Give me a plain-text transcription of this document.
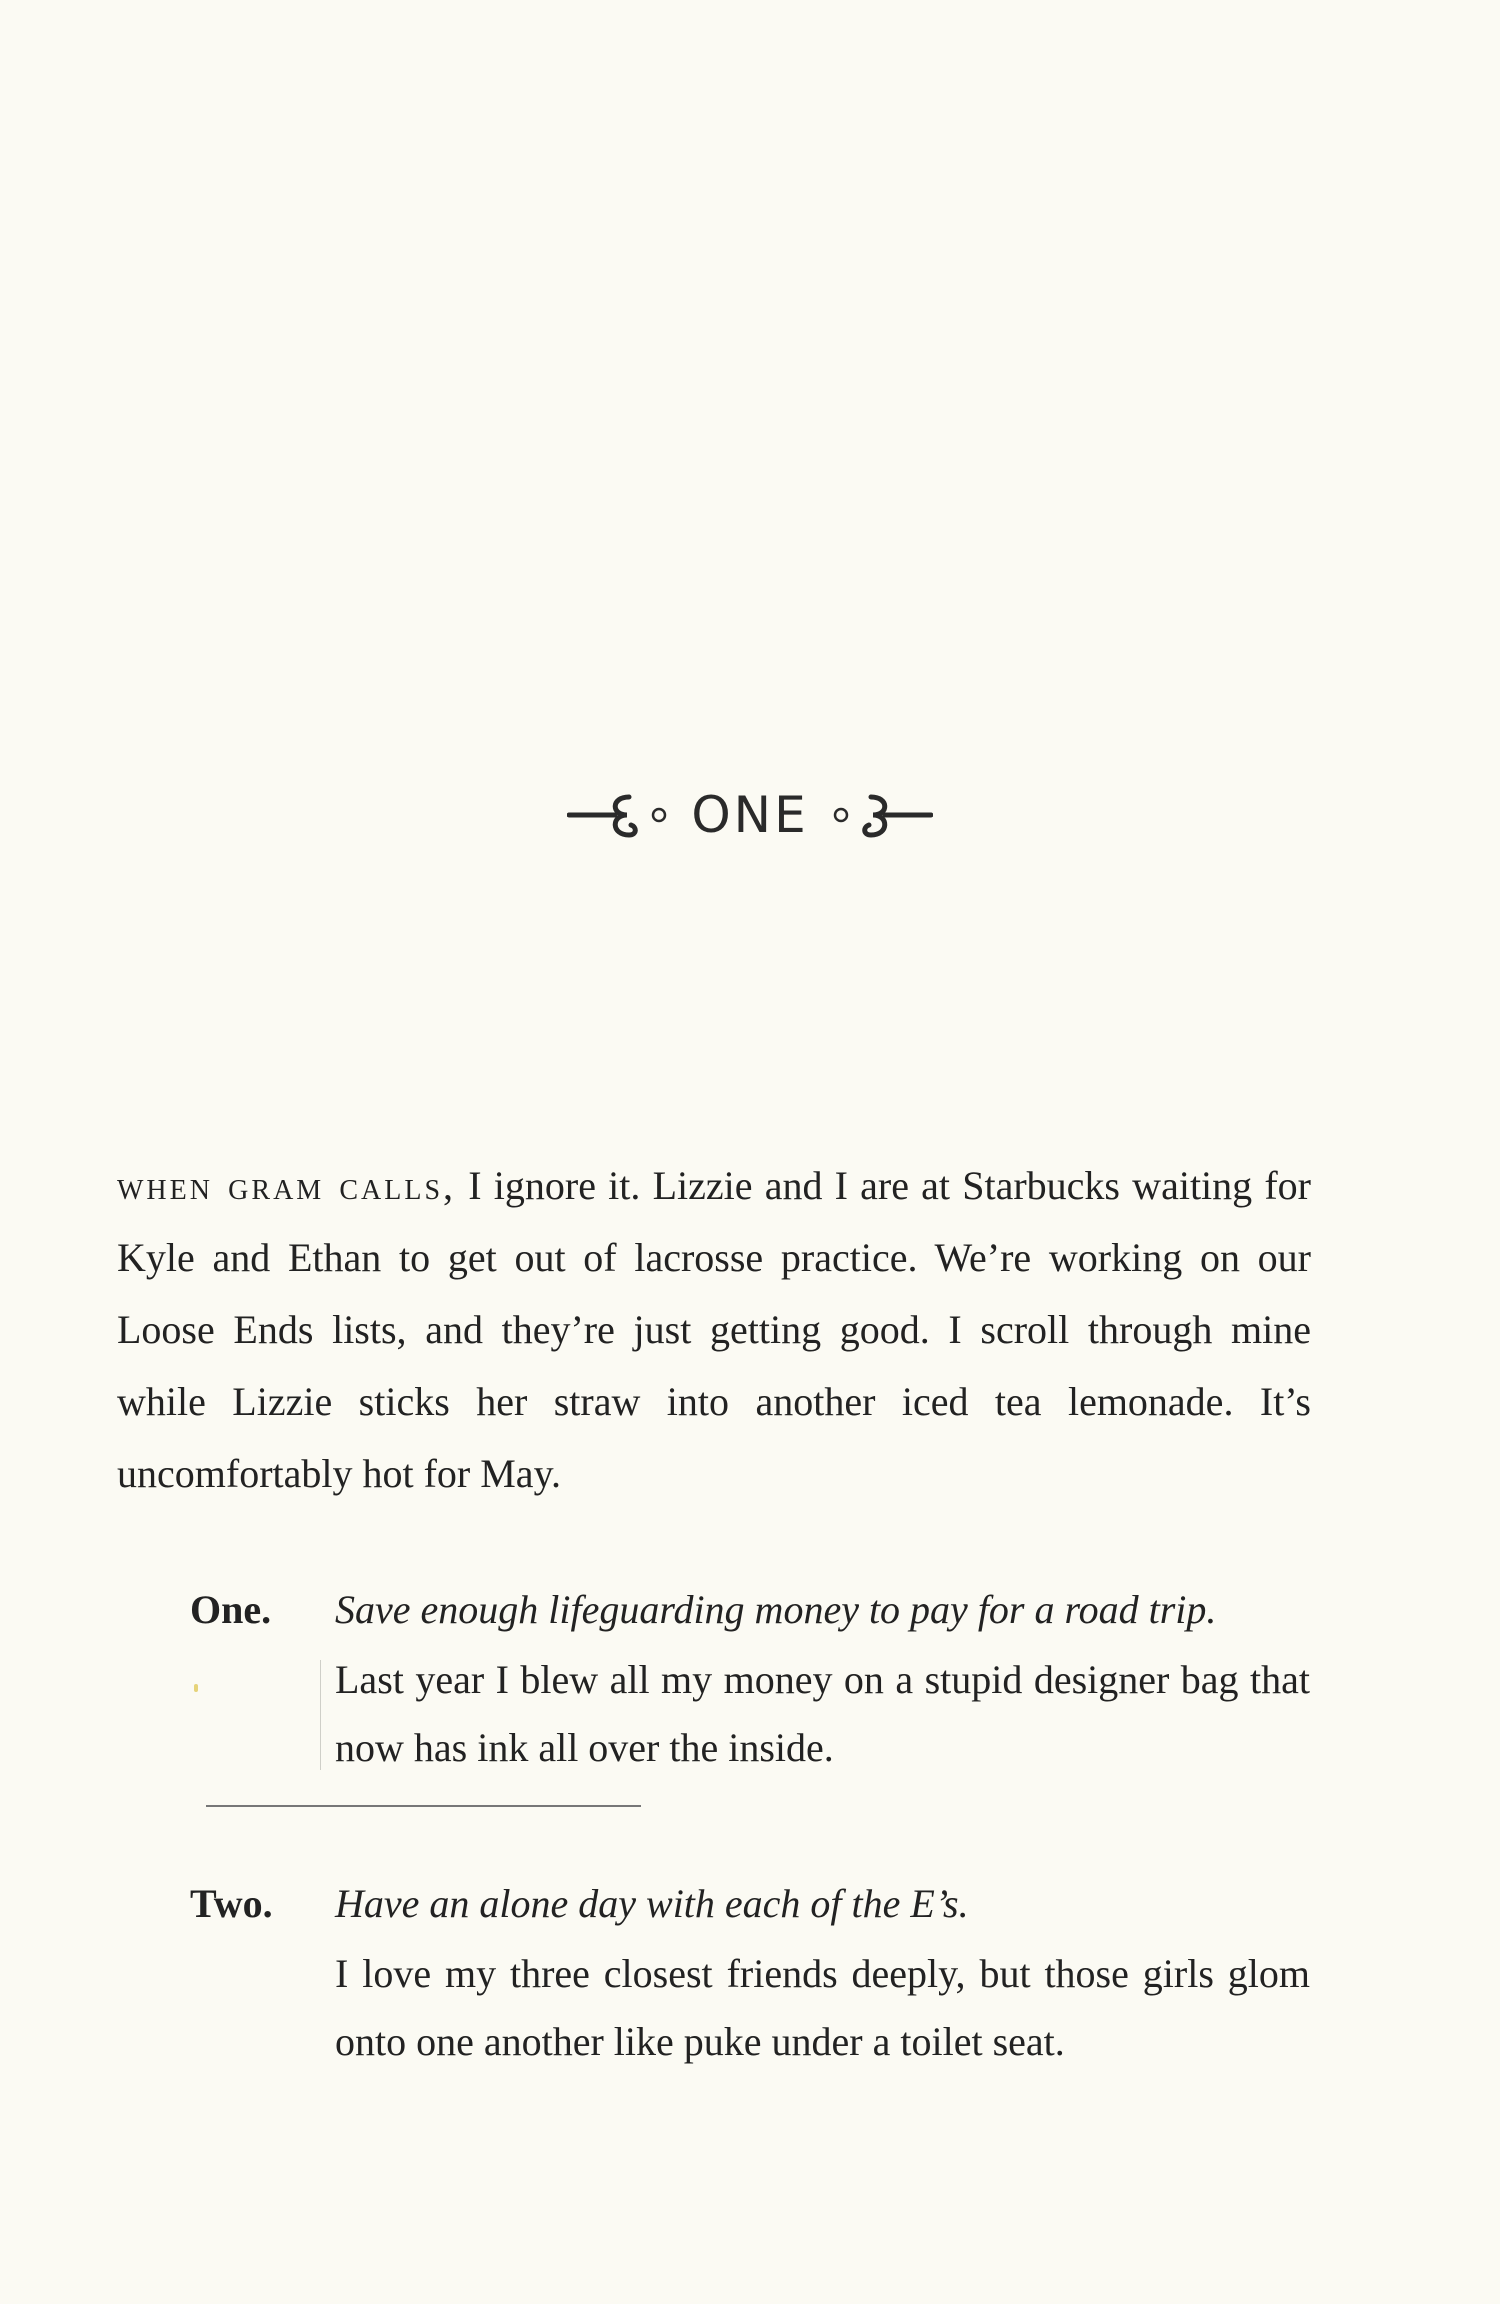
ONE

when gram calls, I ignore it. Lizzie and I are at Starbucks waiting for Kyle and Ethan to get out of lacrosse practice. We’re working on our Loose Ends lists, and they’re just getting good. I scroll through mine while Lizzie sticks her straw into another iced tea lemonade. It’s uncomfortably hot for May.

One. Save enough lifeguarding money to pay for a road trip.

Last year I blew all my money on a stupid designer bag that now has ink all over the inside.

Two. Have an alone day with each of the E’s.

I love my three closest friends deeply, but those girls glom onto one another like puke under a toilet seat.
